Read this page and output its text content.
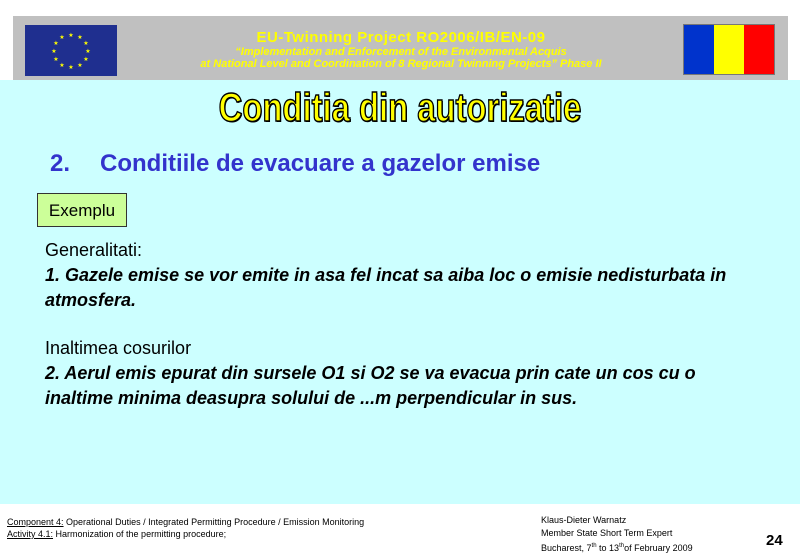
★ ★
★
★
★
★
★
★
★
★
★
★	EU-Twinning Project RO2006/IB/EN-09
“Implementation and Enforcement of the Environmental Acquis
at National Level and Coordination of 8 Regional Twinning Projects” Phase II
Conditia din autorizatie
2. Conditiile de evacuare a gazelor emise
Exemplu
Generalitati:
1. Gazele emise se vor emite in asa fel incat sa aiba loc o emisie nedisturbata in atmosfera.
Inaltimea cosurilor
2. Aerul emis epurat din sursele O1 si O2 se va evacua prin cate un cos cu o inaltime minima deasupra solului de ...m perpendicular in sus.
Component 4: Operational Duties / Integrated Permitting Procedure / Emission Monitoring
Activity 4.1: Harmonization of the permitting procedure;
Klaus-Dieter Warnatz
Member State Short Term Expert
Bucharest, 7th to 13thof February 2009	24
